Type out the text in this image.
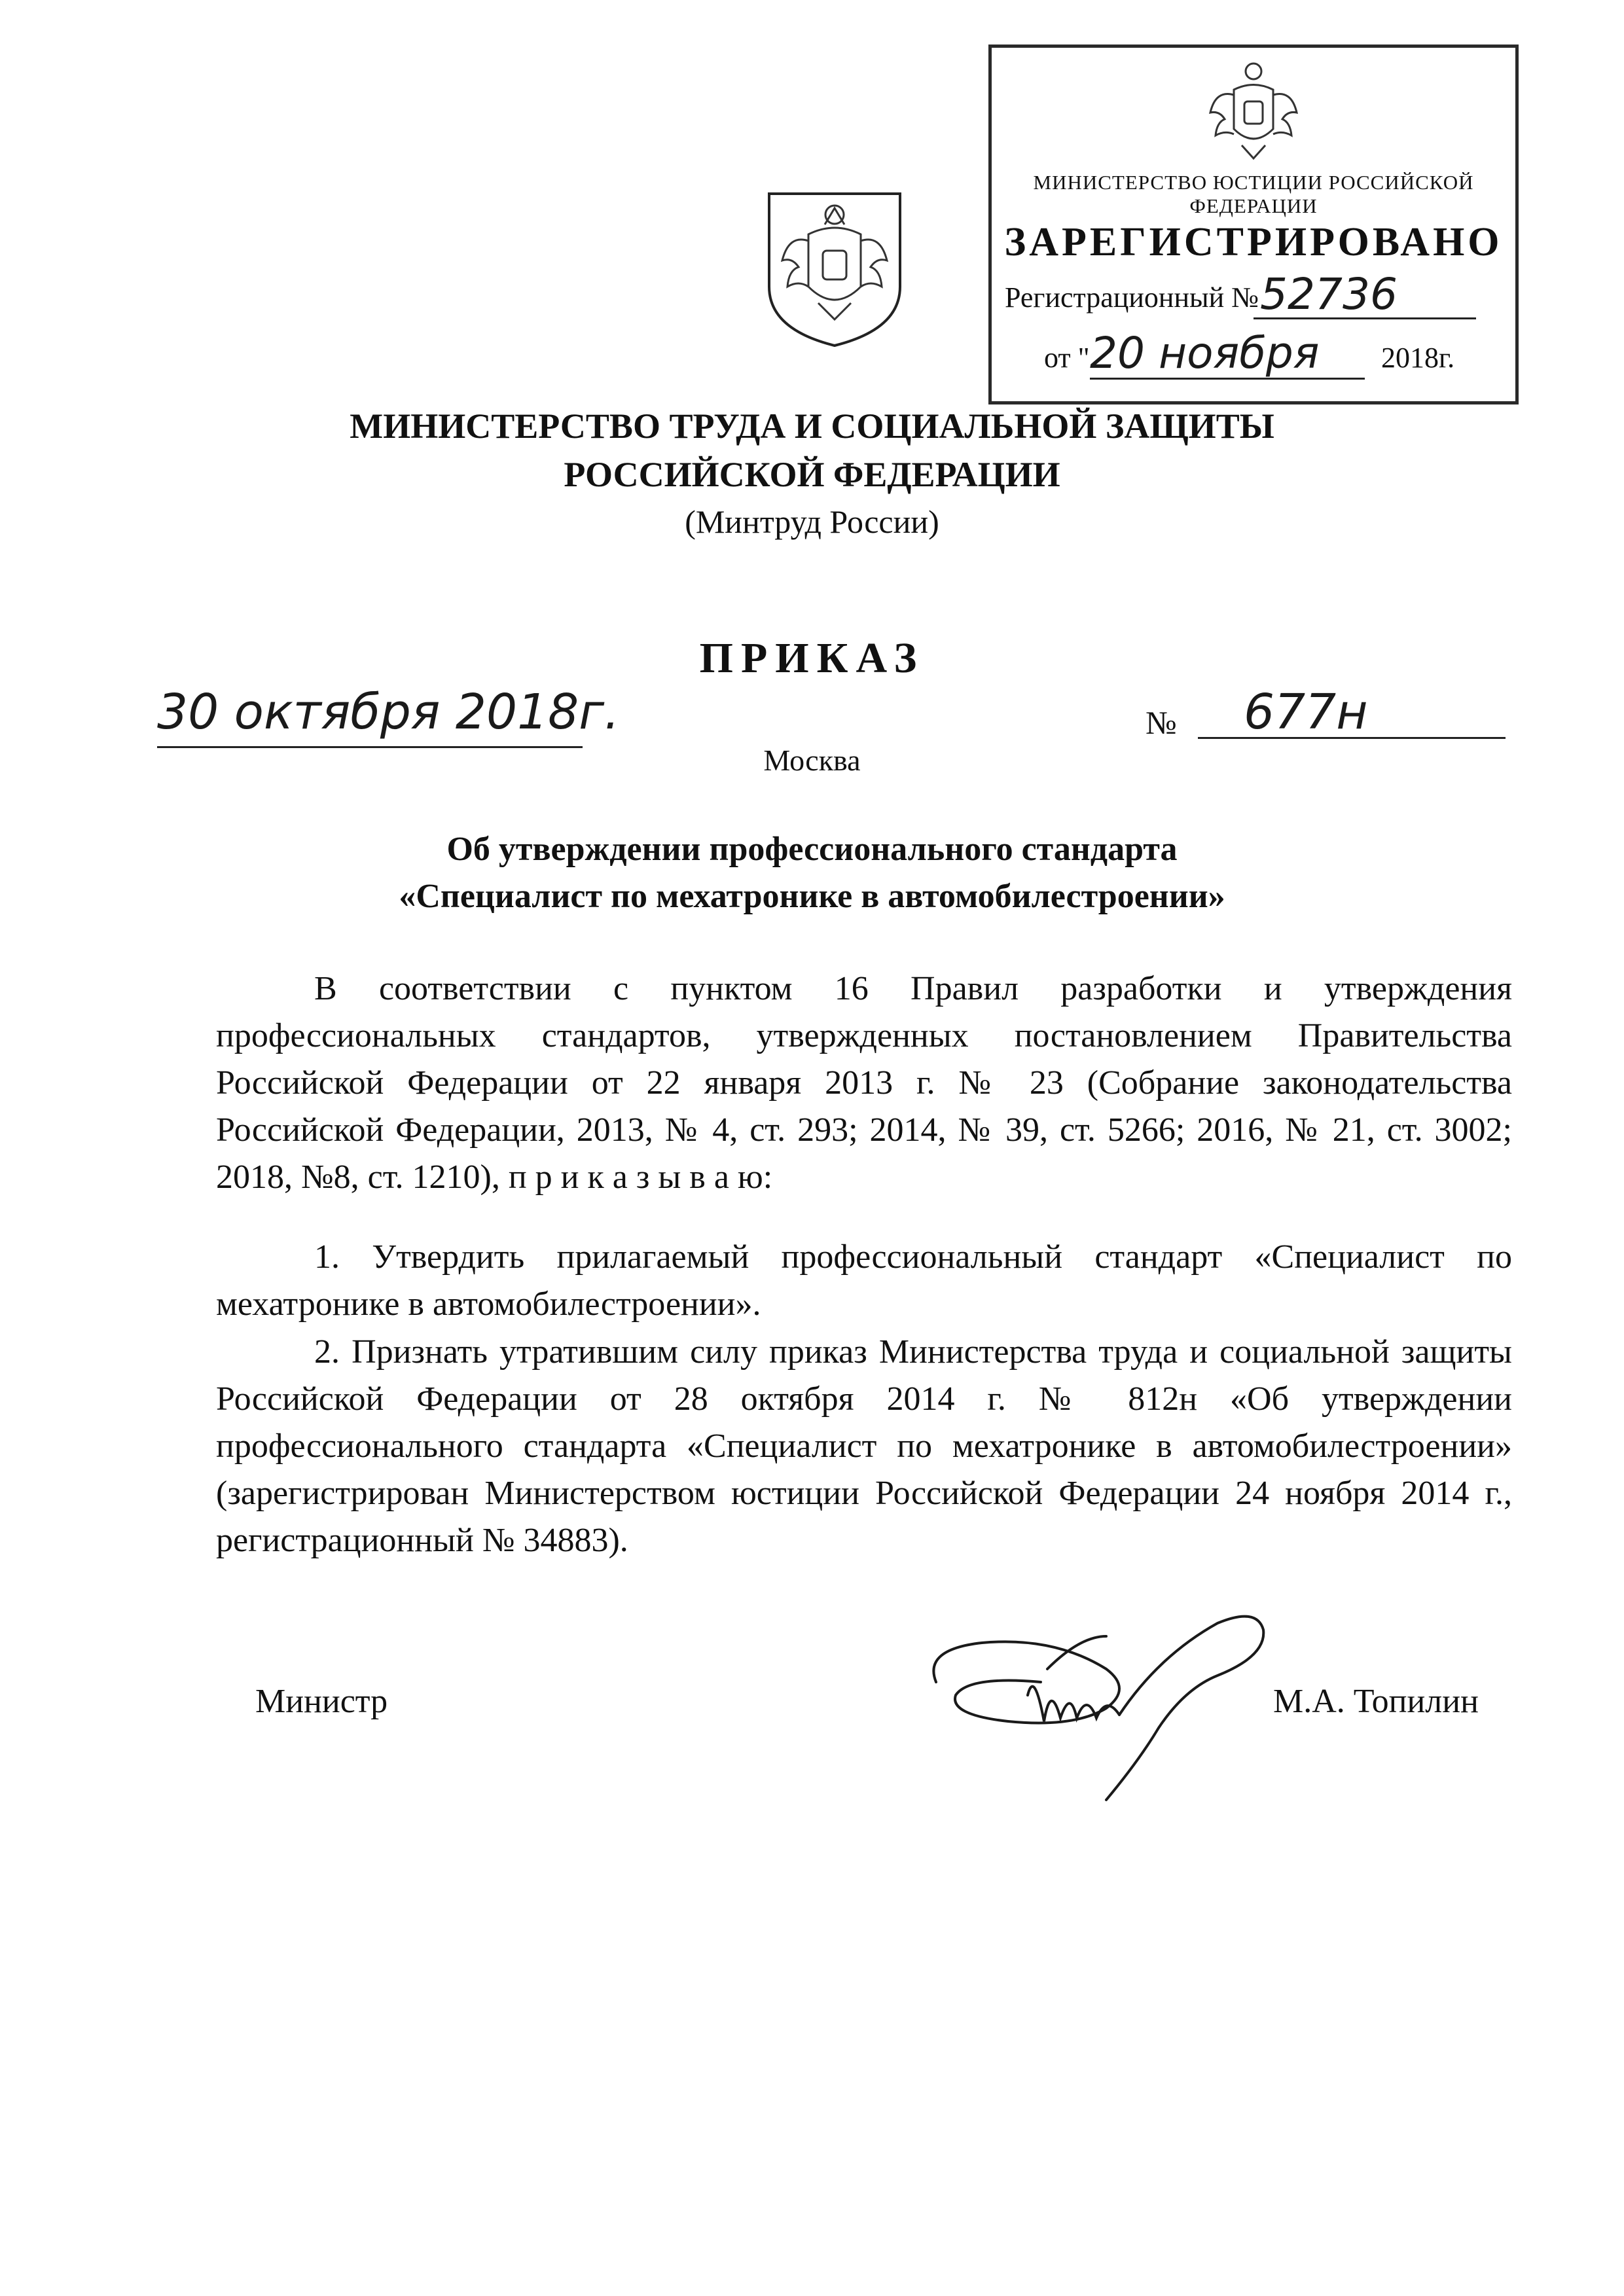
МИНИСТЕРСТВО ЮСТИЦИИ РОССИЙСКОЙ ФЕДЕРАЦИИ
ЗАРЕГИСТРИРОВАНО
Регистрационный № 52736
от " 20 ноября 2018г.
МИНИСТЕРСТВО ТРУДА И СОЦИАЛЬНОЙ ЗАЩИТЫ
РОССИЙСКОЙ ФЕДЕРАЦИИ
(Минтруд России)
ПРИКАЗ
30 октября 2018г.	№ 677н
Москва
Об утверждении профессионального стандарта
«Специалист по мехатронике в автомобилестроении»
В соответствии с пунктом 16 Правил разработки и утверждения профессиональных стандартов, утвержденных постановлением Правительства Российской Федерации от 22 января 2013 г. № 23 (Собрание законодательства Российской Федерации, 2013, № 4, ст. 293; 2014, № 39, ст. 5266; 2016, № 21, ст. 3002; 2018, №8, ст. 1210), п р и к а з ы в а ю:
1. Утвердить прилагаемый профессиональный стандарт «Специалист по мехатронике в автомобилестроении».
2. Признать утратившим силу приказ Министерства труда и социальной защиты Российской Федерации от 28 октября 2014 г. № 812н «Об утверждении профессионального стандарта «Специалист по мехатронике в автомобилестроении» (зарегистрирован Министерством юстиции Российской Федерации 24 ноября 2014 г., регистрационный № 34883).
Министр	М.А. Топилин
